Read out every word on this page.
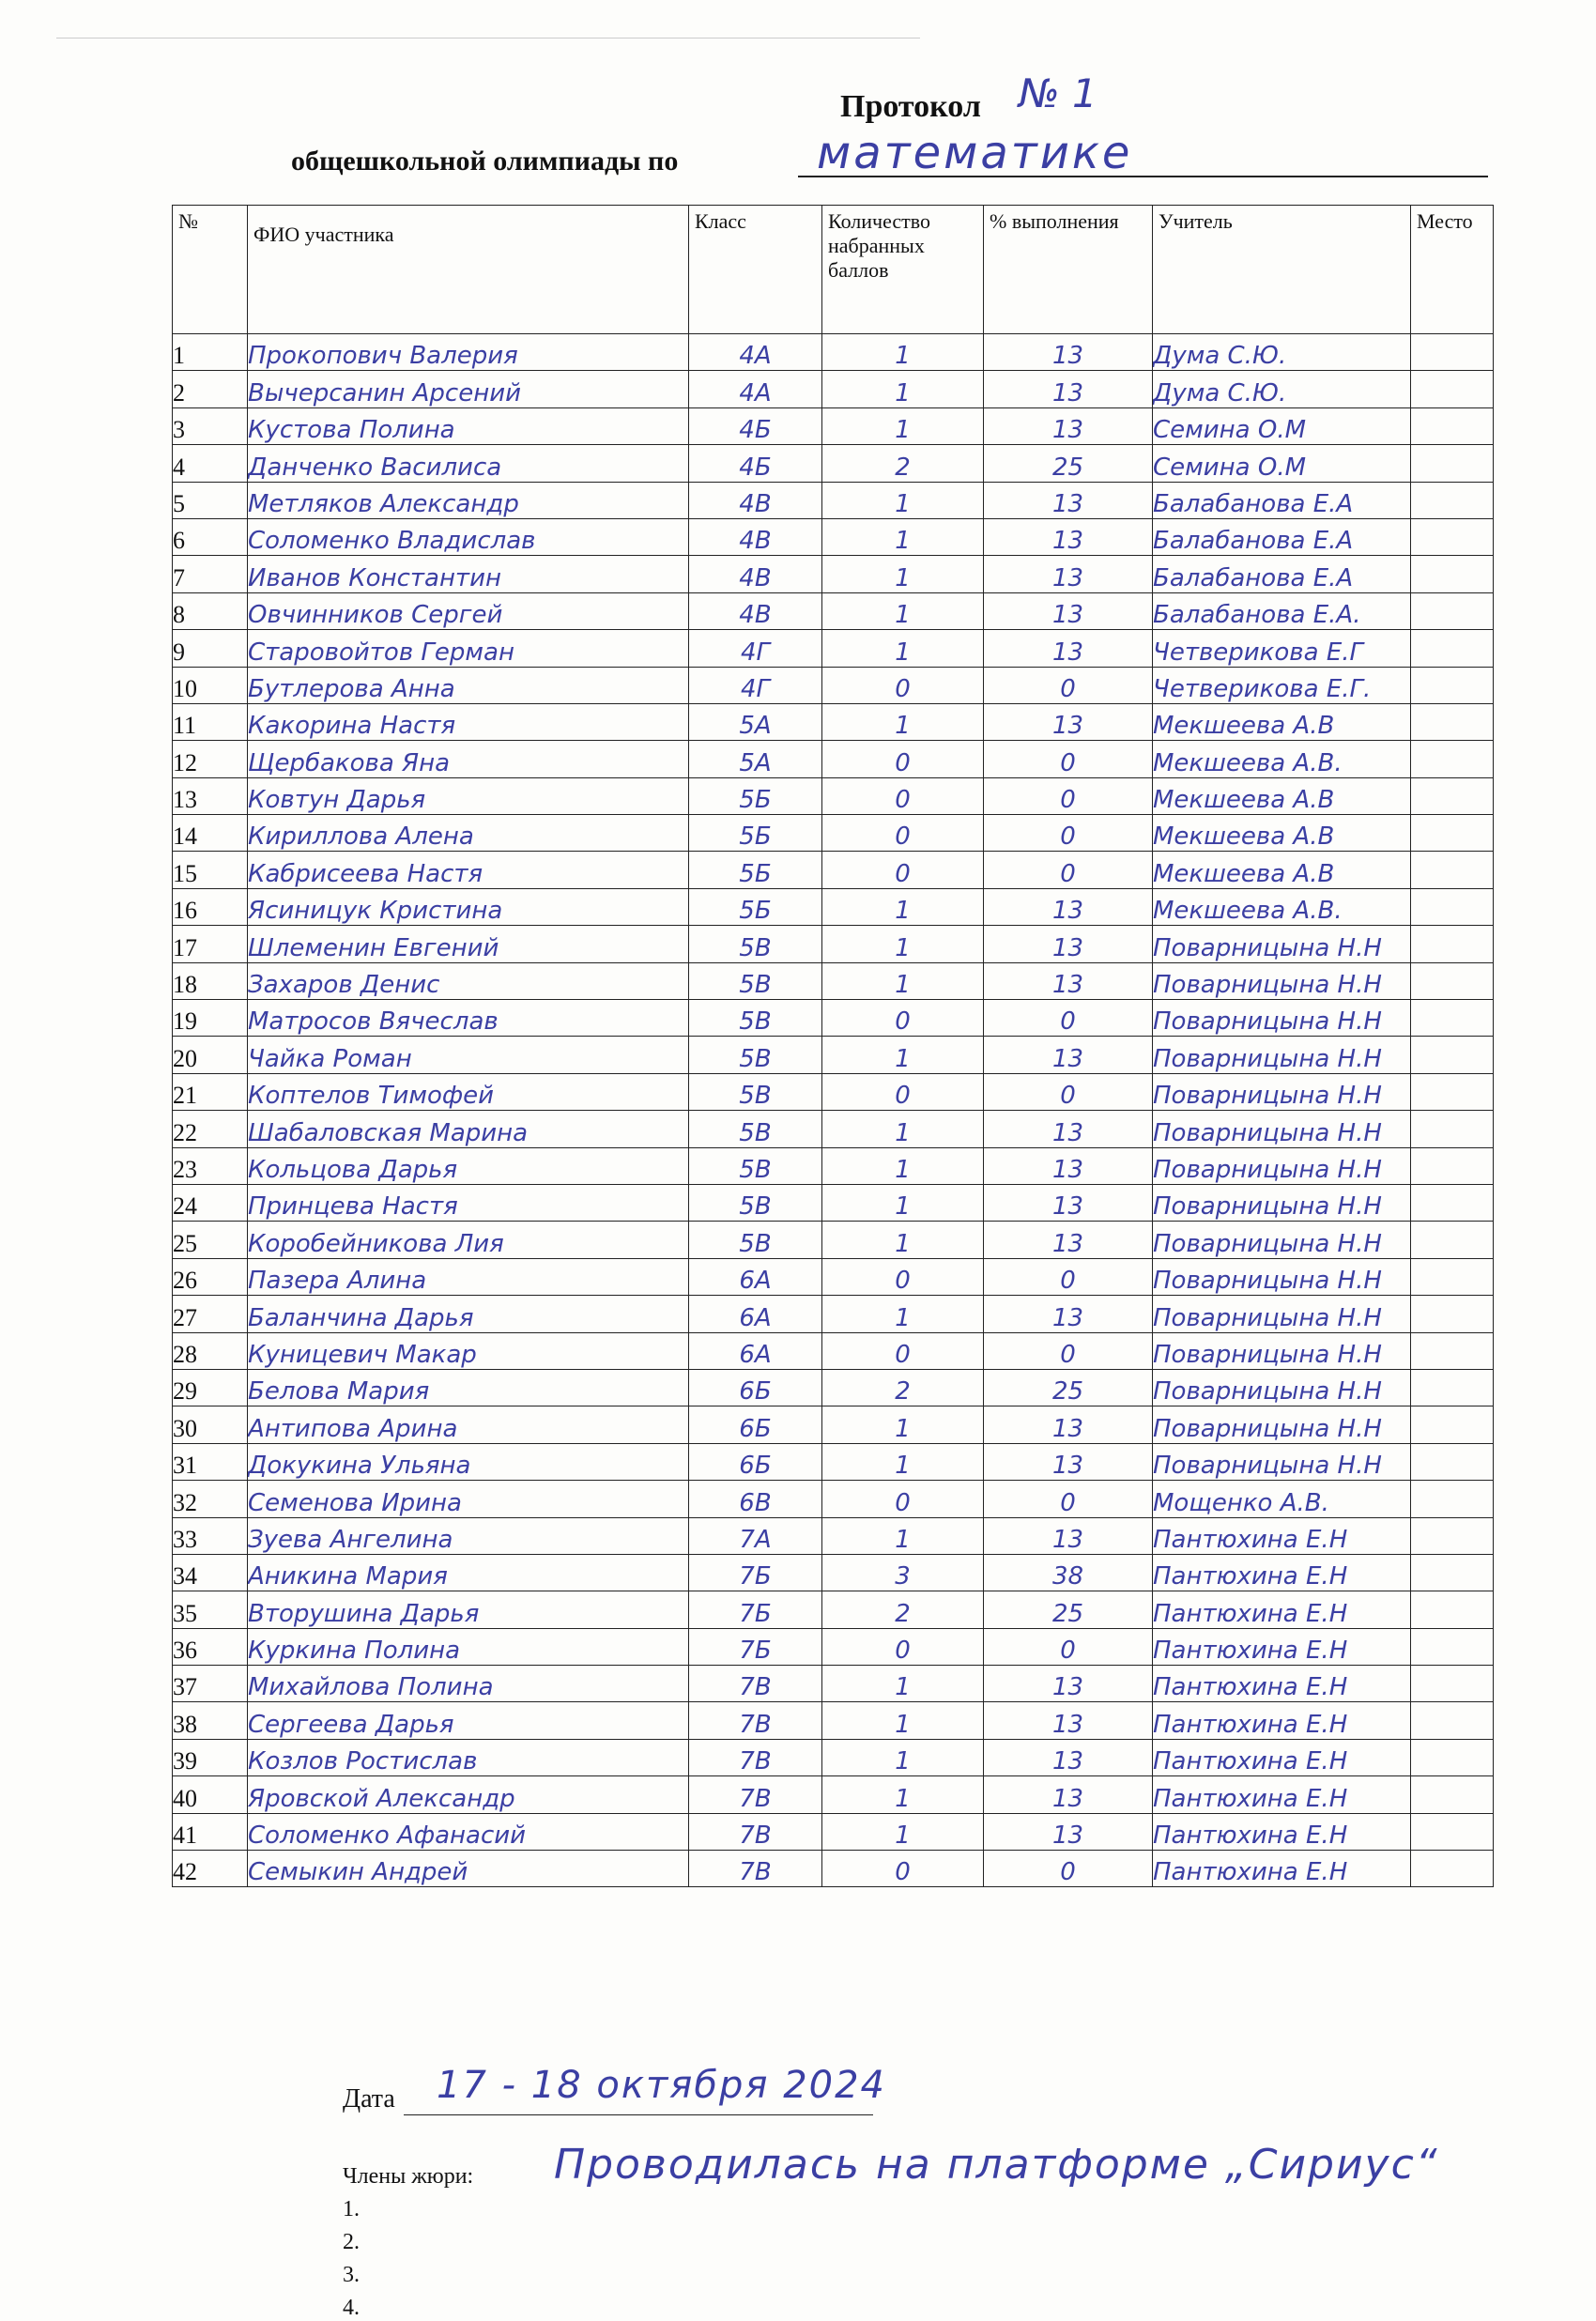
Протокол № 1
общешкольной олимпиады по	математике
№	ФИО участника	Класс	Количество набранных баллов	% выполнения	Учитель	Место
1	Прокопович Валерия	4А	1	13	Дума С.Ю.	
2	Вычерсанин Арсений	4А	1	13	Дума С.Ю.	
3	Кустова Полина	4Б	1	13	Семина О.М	
4	Данченко Василиса	4Б	2	25	Семина О.М	
5	Метляков Александр	4В	1	13	Балабанова Е.А	
6	Соломенко Владислав	4В	1	13	Балабанова Е.А	
7	Иванов Константин	4В	1	13	Балабанова Е.А	
8	Овчинников Сергей	4В	1	13	Балабанова Е.А.	
9	Старовойтов Герман	4Г	1	13	Четверикова Е.Г	
10	Бутлерова Анна	4Г	0	0	Четверикова Е.Г.	
11	Какорина Настя	5А	1	13	Мекшеева А.В	
12	Щербакова Яна	5А	0	0	Мекшеева А.В.	
13	Ковтун Дарья	5Б	0	0	Мекшеева А.В	
14	Кириллова Алена	5Б	0	0	Мекшеева А.В	
15	Кабрисеева Настя	5Б	0	0	Мекшеева А.В	
16	Ясиницук Кристина	5Б	1	13	Мекшеева А.В.	
17	Шлеменин Евгений	5В	1	13	Поварницына Н.Н	
18	Захаров Денис	5В	1	13	Поварницына Н.Н	
19	Матросов Вячеслав	5В	0	0	Поварницына Н.Н	
20	Чайка Роман	5В	1	13	Поварницына Н.Н	
21	Коптелов Тимофей	5В	0	0	Поварницына Н.Н	
22	Шабаловская Марина	5В	1	13	Поварницына Н.Н	
23	Кольцова Дарья	5В	1	13	Поварницына Н.Н	
24	Принцева Настя	5В	1	13	Поварницына Н.Н	
25	Коробейникова Лия	5В	1	13	Поварницына Н.Н	
26	Пазера Алина	6А	0	0	Поварницына Н.Н	
27	Баланчина Дарья	6А	1	13	Поварницына Н.Н	
28	Куницевич Макар	6А	0	0	Поварницына Н.Н	
29	Белова Мария	6Б	2	25	Поварницына Н.Н	
30	Антипова Арина	6Б	1	13	Поварницына Н.Н	
31	Докукина Ульяна	6Б	1	13	Поварницына Н.Н	
32	Семенова Ирина	6В	0	0	Мощенко А.В.	
33	Зуева Ангелина	7А	1	13	Пантюхина Е.Н	
34	Аникина Мария	7Б	3	38	Пантюхина Е.Н	
35	Вторушина Дарья	7Б	2	25	Пантюхина Е.Н	
36	Куркина Полина	7Б	0	0	Пантюхина Е.Н	
37	Михайлова Полина	7В	1	13	Пантюхина Е.Н	
38	Сергеева Дарья	7В	1	13	Пантюхина Е.Н	
39	Козлов Ростислав	7В	1	13	Пантюхина Е.Н	
40	Яровской Александр	7В	1	13	Пантюхина Е.Н	
41	Соломенко Афанасий	7В	1	13	Пантюхина Е.Н	
42	Семыкин Андрей	7В	0	0	Пантюхина Е.Н	
Дата 17 - 18 октября 2024
Члены жюри:
1.
2.
3.
4.
Проводилась на платформе „Сириус“
